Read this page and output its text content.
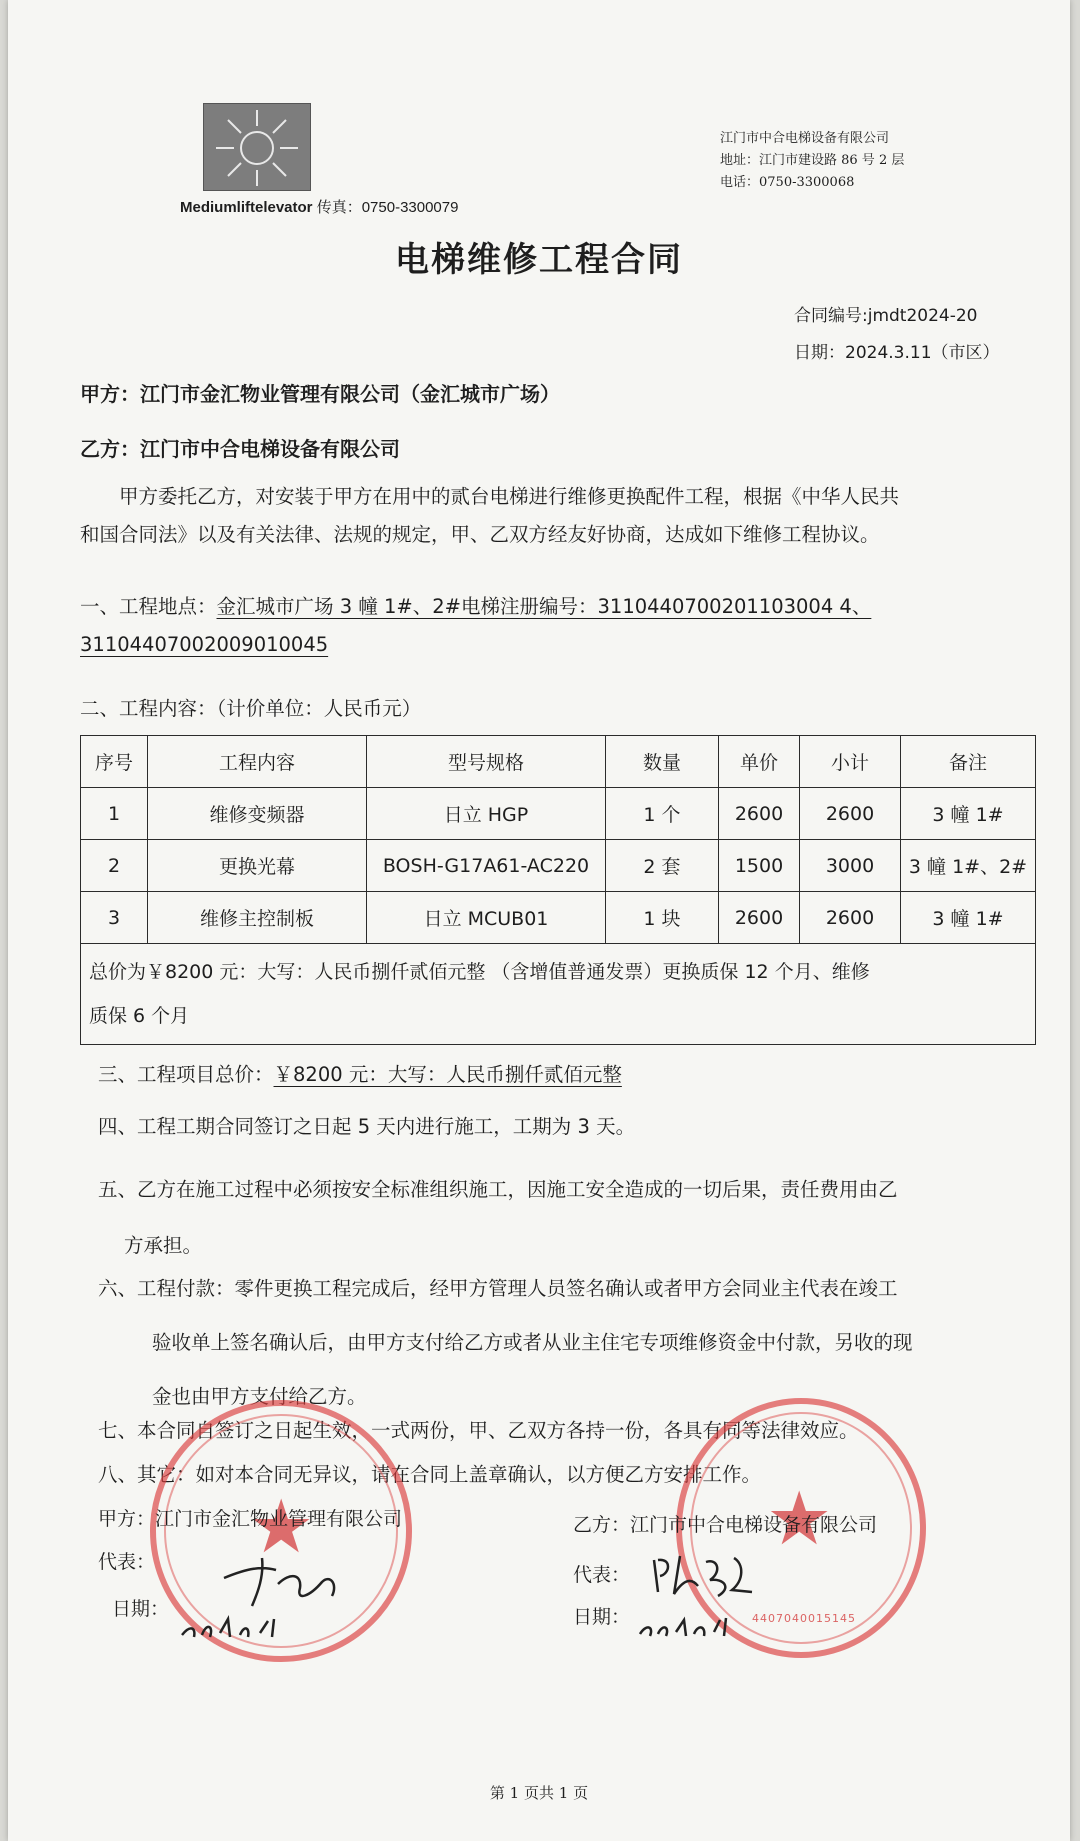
Mediumliftelevator 传真：0750-3300079
江门市中合电梯设备有限公司
地址：江门市建设路 86 号 2 层
电话：0750-3300068
电梯维修工程合同
合同编号:jmdt2024-20
日期：2024.3.11（市区）
甲方：江门市金汇物业管理有限公司（金汇城市广场）
乙方：江门市中合电梯设备有限公司
甲方委托乙方，对安装于甲方在用中的贰台电梯进行维修更换配件工程，根据《中华人民共
和国合同法》以及有关法律、法规的规定，甲、乙双方经友好协商，达成如下维修工程协议。
一、工程地点：金汇城市广场 3 幢 1#、2#电梯注册编号：3110440700201103004 4、
31104407002009010045
二、工程内容：（计价单位：人民币元）
序号	工程内容	型号规格	数量	单价	小计	备注
1	维修变频器	日立 HGP	1 个	2600	2600	3 幢 1#
2	更换光幕	BOSH-G17A61-AC220	2 套	1500	3000	3 幢 1#、2#
3	维修主控制板	日立 MCUB01	1 块	2600	2600	3 幢 1#

总价为￥8200 元：大写：人民币捌仟贰佰元整 （含增值普通发票）更换质保 12 个月、维修
质保 6 个月						
三、工程项目总价：￥8200 元：大写：人民币捌仟贰佰元整
四、工程工期合同签订之日起 5 天内进行施工，工期为 3 天。
五、乙方在施工过程中必须按安全标准组织施工，因施工安全造成的一切后果，责任费用由乙
方承担。
六、工程付款：零件更换工程完成后，经甲方管理人员签名确认或者甲方会同业主代表在竣工
验收单上签名确认后，由甲方支付给乙方或者从业主住宅专项维修资金中付款，另收的现
金也由甲方支付给乙方。
七、本合同自签订之日起生效，一式两份，甲、乙双方各持一份，各具有同等法律效应。
八、其它：如对本合同无异议，请在合同上盖章确认，以方便乙方安排工作。
★	★
4407040015145
甲方：江门市金汇物业管理有限公司
代表：
日期：
乙方：江门市中合电梯设备有限公司
代表：
日期：
第 1 页共 1 页
